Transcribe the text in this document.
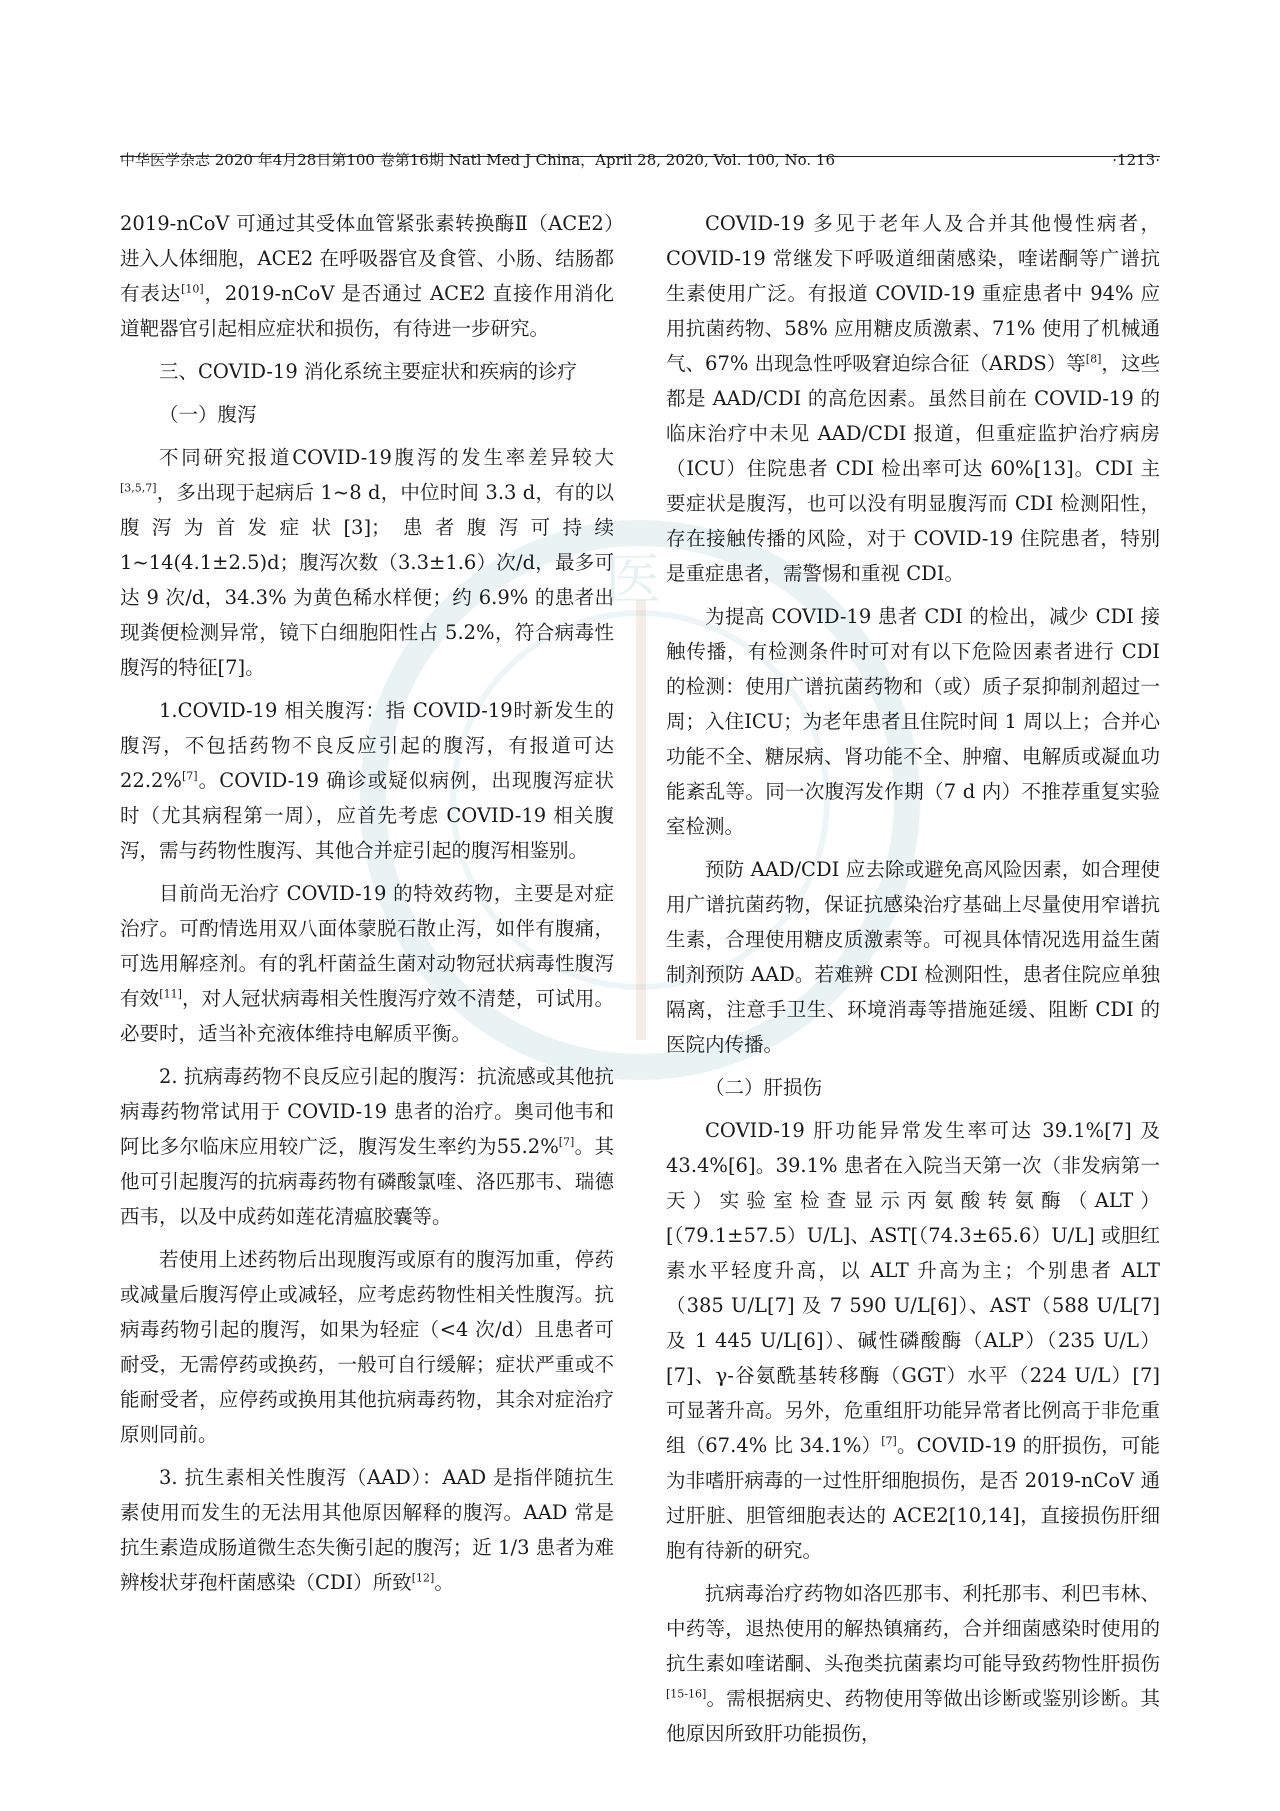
医
中华医学杂志 2020 年4月28日第100 卷第16期 Natl Med J China，April 28, 2020, Vol. 100, No. 16	·1213·

2019-nCoV 可通过其受体血管紧张素转换酶Ⅱ（ACE2）进入人体细胞，ACE2 在呼吸器官及食管、小肠、结肠都有表达[10]，2019-nCoV 是否通过 ACE2 直接作用消化道靶器官引起相应症状和损伤，有待进一步研究。

三、COVID-19 消化系统主要症状和疾病的诊疗
（一）腹泻

不同研究报道COVID-19腹泻的发生率差异较大[3,5,7]，多出现于起病后 1~8 d，中位时间 3.3 d，有的以腹泻为首发症状[3]；患者腹泻可持续 1~14(4.1±2.5)d；腹泻次数（3.3±1.6）次/d，最多可达 9 次/d，34.3% 为黄色稀水样便；约 6.9% 的患者出现粪便检测异常，镜下白细胞阳性占 5.2%，符合病毒性腹泻的特征[7]。

1.COVID-19 相关腹泻：指 COVID-19时新发生的腹泻，不包括药物不良反应引起的腹泻，有报道可达22.2%[7]。COVID-19 确诊或疑似病例，出现腹泻症状时（尤其病程第一周），应首先考虑 COVID-19 相关腹泻，需与药物性腹泻、其他合并症引起的腹泻相鉴别。

目前尚无治疗 COVID-19 的特效药物，主要是对症治疗。可酌情选用双八面体蒙脱石散止泻，如伴有腹痛，可选用解痉剂。有的乳杆菌益生菌对动物冠状病毒性腹泻有效[11]，对人冠状病毒相关性腹泻疗效不清楚，可试用。必要时，适当补充液体维持电解质平衡。

2. 抗病毒药物不良反应引起的腹泻：抗流感或其他抗病毒药物常试用于 COVID-19 患者的治疗。奥司他韦和阿比多尔临床应用较广泛，腹泻发生率约为55.2%[7]。其他可引起腹泻的抗病毒药物有磷酸氯喹、洛匹那韦、瑞德西韦，以及中成药如莲花清瘟胶囊等。

若使用上述药物后出现腹泻或原有的腹泻加重，停药或减量后腹泻停止或减轻，应考虑药物性相关性腹泻。抗病毒药物引起的腹泻，如果为轻症（<4 次/d）且患者可耐受，无需停药或换药，一般可自行缓解；症状严重或不能耐受者，应停药或换用其他抗病毒药物，其余对症治疗原则同前。

3. 抗生素相关性腹泻（AAD）：AAD 是指伴随抗生素使用而发生的无法用其他原因解释的腹泻。AAD 常是抗生素造成肠道微生态失衡引起的腹泻；近 1/3 患者为难辨梭状芽孢杆菌感染（CDI）所致[12]。

COVID-19 多见于老年人及合并其他慢性病者，COVID-19 常继发下呼吸道细菌感染，喹诺酮等广谱抗生素使用广泛。有报道 COVID-19 重症患者中 94% 应用抗菌药物、58% 应用糖皮质激素、71% 使用了机械通气、67% 出现急性呼吸窘迫综合征（ARDS）等[8]，这些都是 AAD/CDI 的高危因素。虽然目前在 COVID-19 的临床治疗中未见 AAD/CDI 报道，但重症监护治疗病房（ICU）住院患者 CDI 检出率可达 60%[13]。CDI 主要症状是腹泻，也可以没有明显腹泻而 CDI 检测阳性，存在接触传播的风险，对于 COVID-19 住院患者，特别是重症患者，需警惕和重视 CDI。

为提高 COVID-19 患者 CDI 的检出，减少 CDI 接触传播，有检测条件时可对有以下危险因素者进行 CDI 的检测：使用广谱抗菌药物和（或）质子泵抑制剂超过一周；入住ICU；为老年患者且住院时间 1 周以上；合并心功能不全、糖尿病、肾功能不全、肿瘤、电解质或凝血功能紊乱等。同一次腹泻发作期（7 d 内）不推荐重复实验室检测。

预防 AAD/CDI 应去除或避免高风险因素，如合理使用广谱抗菌药物，保证抗感染治疗基础上尽量使用窄谱抗生素，合理使用糖皮质激素等。可视具体情况选用益生菌制剂预防 AAD。若难辨 CDI 检测阳性，患者住院应单独隔离，注意手卫生、环境消毒等措施延缓、阻断 CDI 的医院内传播。

（二）肝损伤

COVID-19 肝功能异常发生率可达 39.1%[7] 及 43.4%[6]。39.1% 患者在入院当天第一次（非发病第一天）实验室检查显示丙氨酸转氨酶（ALT）[（79.1±57.5）U/L]、AST[（74.3±65.6）U/L] 或胆红素水平轻度升高，以 ALT 升高为主；个别患者 ALT（385 U/L[7] 及 7 590 U/L[6]）、AST（588 U/L[7] 及 1 445 U/L[6]）、碱性磷酸酶（ALP）（235 U/L）[7]、γ-谷氨酰基转移酶（GGT）水平（224 U/L）[7] 可显著升高。另外，危重组肝功能异常者比例高于非危重组（67.4% 比 34.1%）[7]。COVID-19 的肝损伤，可能为非嗜肝病毒的一过性肝细胞损伤，是否 2019-nCoV 通过肝脏、胆管细胞表达的 ACE2[10,14]，直接损伤肝细胞有待新的研究。

抗病毒治疗药物如洛匹那韦、利托那韦、利巴韦林、中药等，退热使用的解热镇痛药，合并细菌感染时使用的抗生素如喹诺酮、头孢类抗菌素均可能导致药物性肝损伤[15-16]。需根据病史、药物使用等做出诊断或鉴别诊断。其他原因所致肝功能损伤，
